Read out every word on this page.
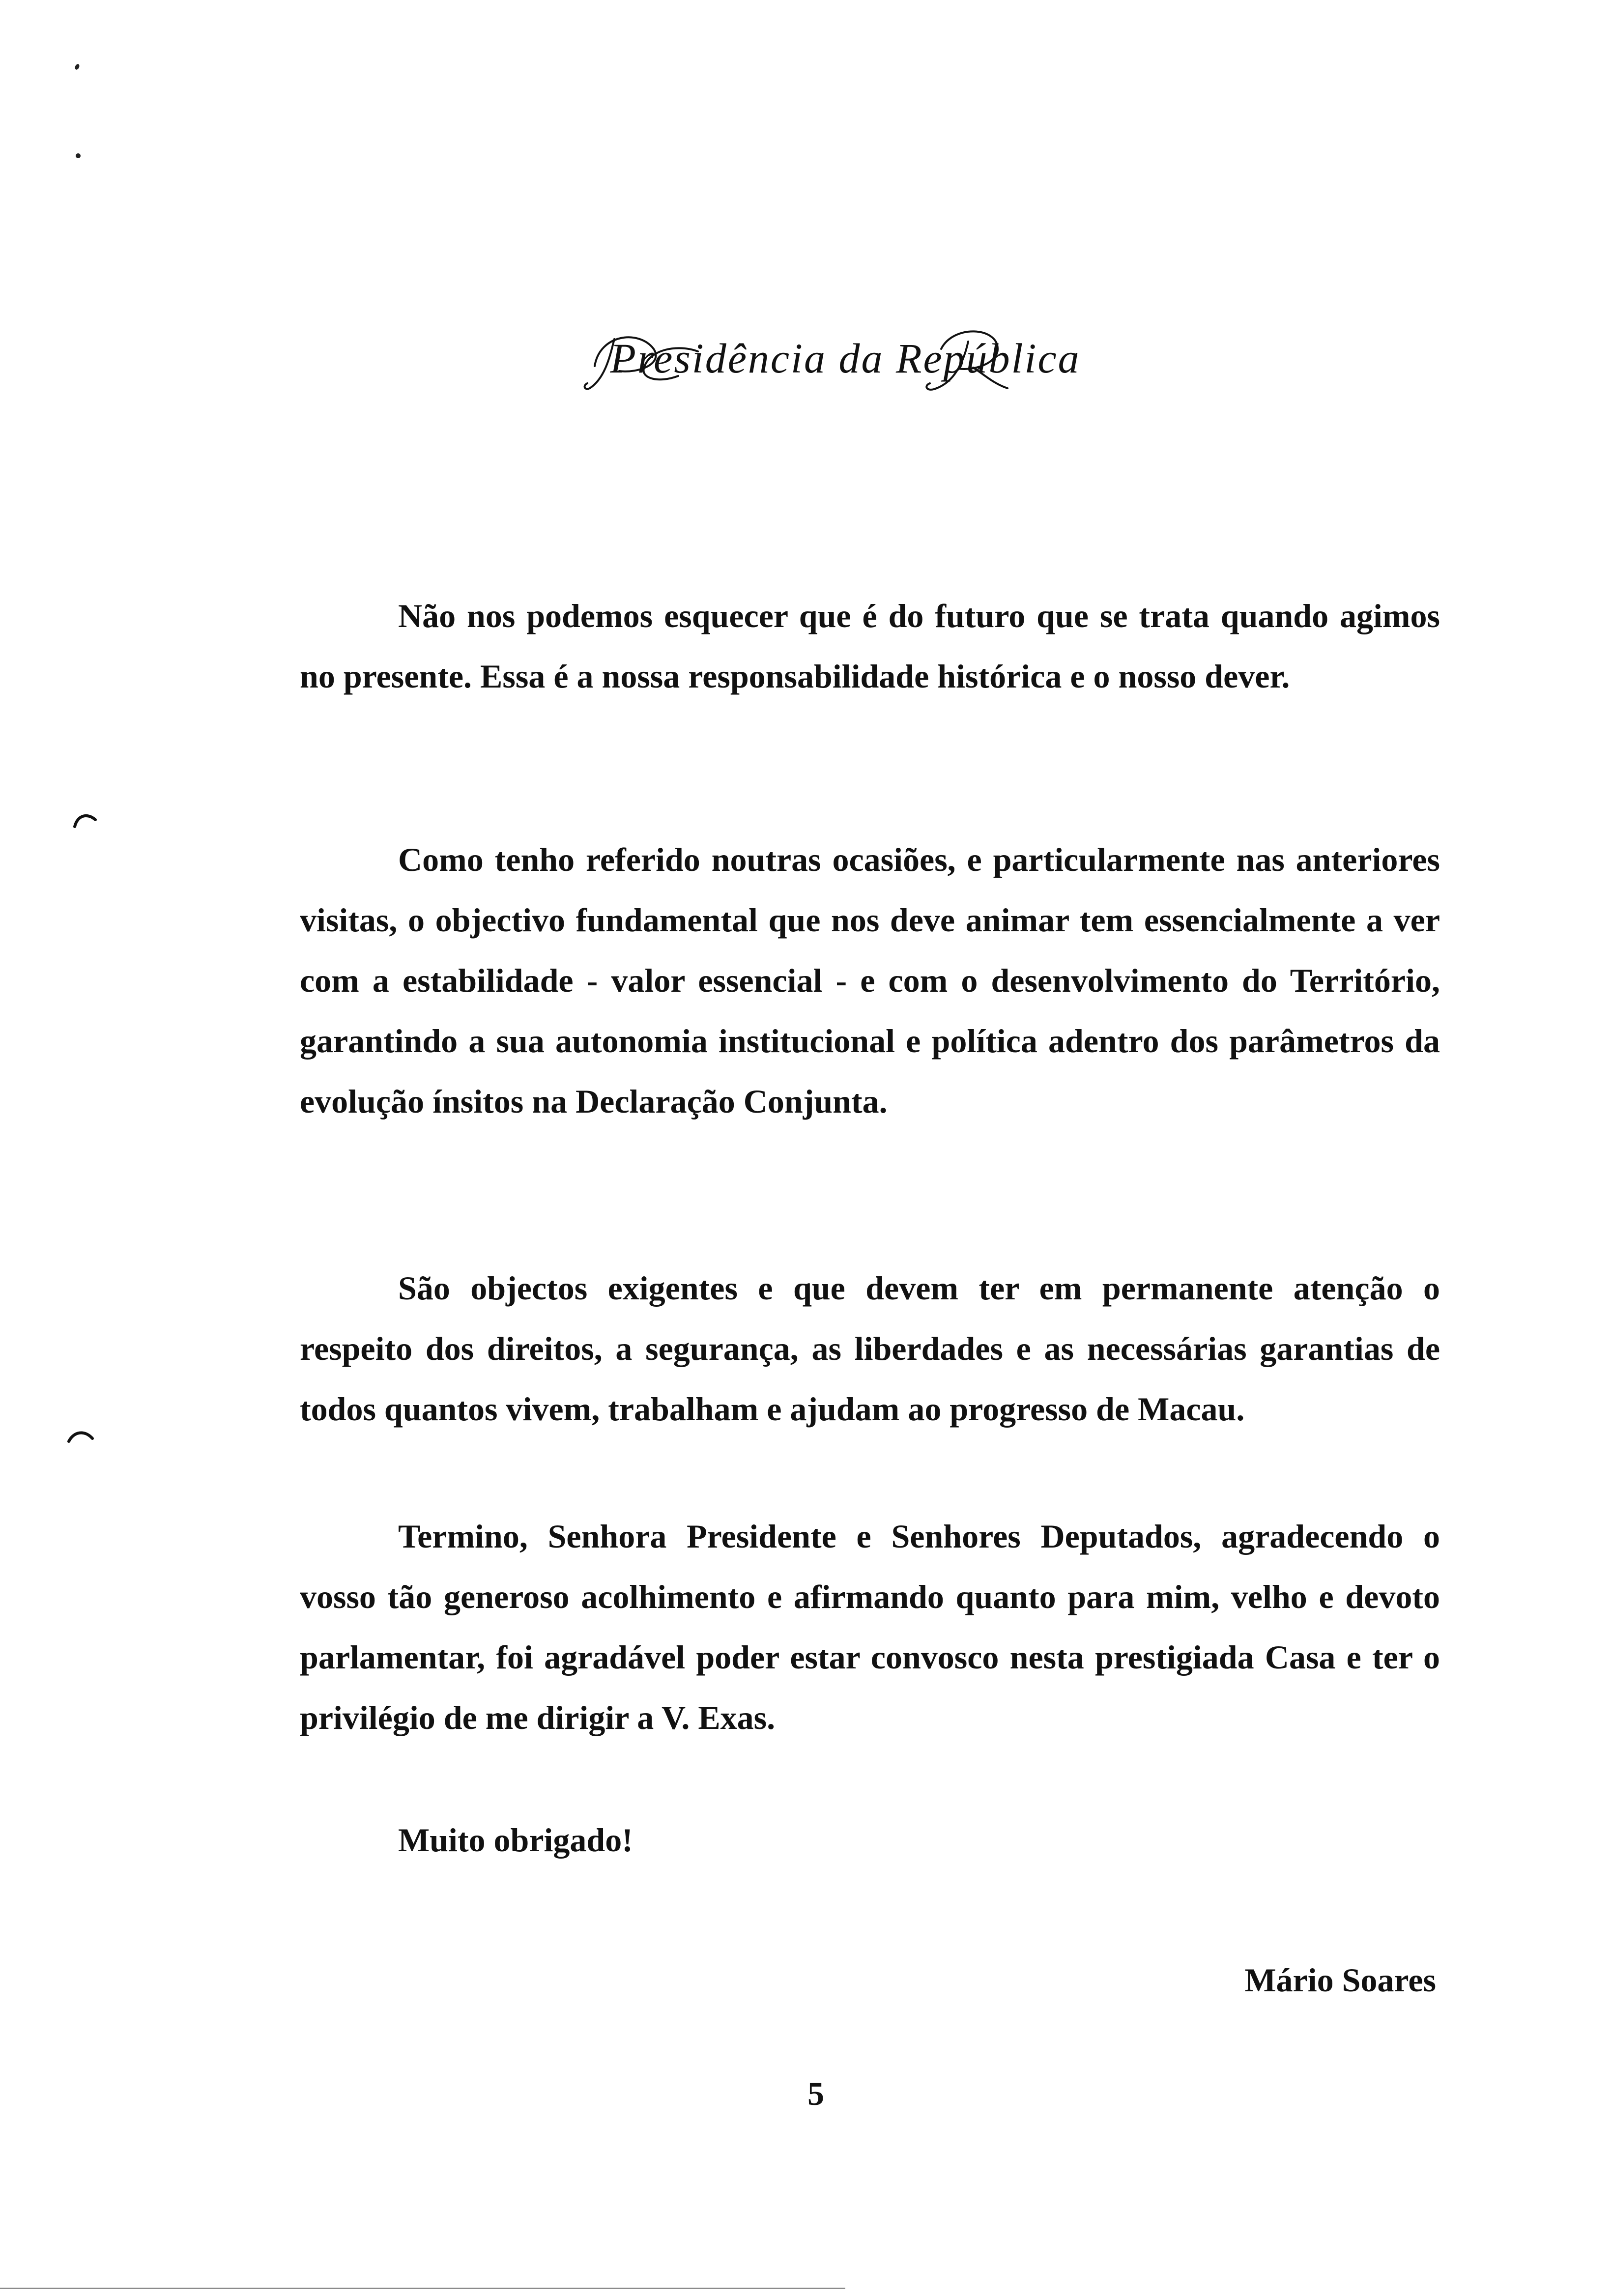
Presidência da República

Não nos podemos esquecer que é do futuro que se trata quando agimos no presente. Essa é a nossa responsabilidade histórica e o nosso dever.

Como tenho referido noutras ocasiões, e particularmente nas anteriores visitas, o objectivo fundamental que nos deve animar tem essencialmente a ver com a estabilidade - valor essencial - e com o desenvolvimento do Território, garantindo a sua autonomia institucional e política adentro dos parâmetros da evolução ínsitos na Declaração Conjunta.

São objectos exigentes e que devem ter em permanente atenção o respeito dos direitos, a segurança, as liberdades e as necessárias garantias de todos quantos vivem, trabalham e ajudam ao progresso de Macau.

Termino, Senhora Presidente e Senhores Deputados, agradecendo o vosso tão generoso acolhimento e afirmando quanto para mim, velho e devoto parlamentar, foi agradável poder estar convosco nesta prestigiada Casa e ter o privilégio de me dirigir a V. Exas.

Muito obrigado!

Mário Soares

5
